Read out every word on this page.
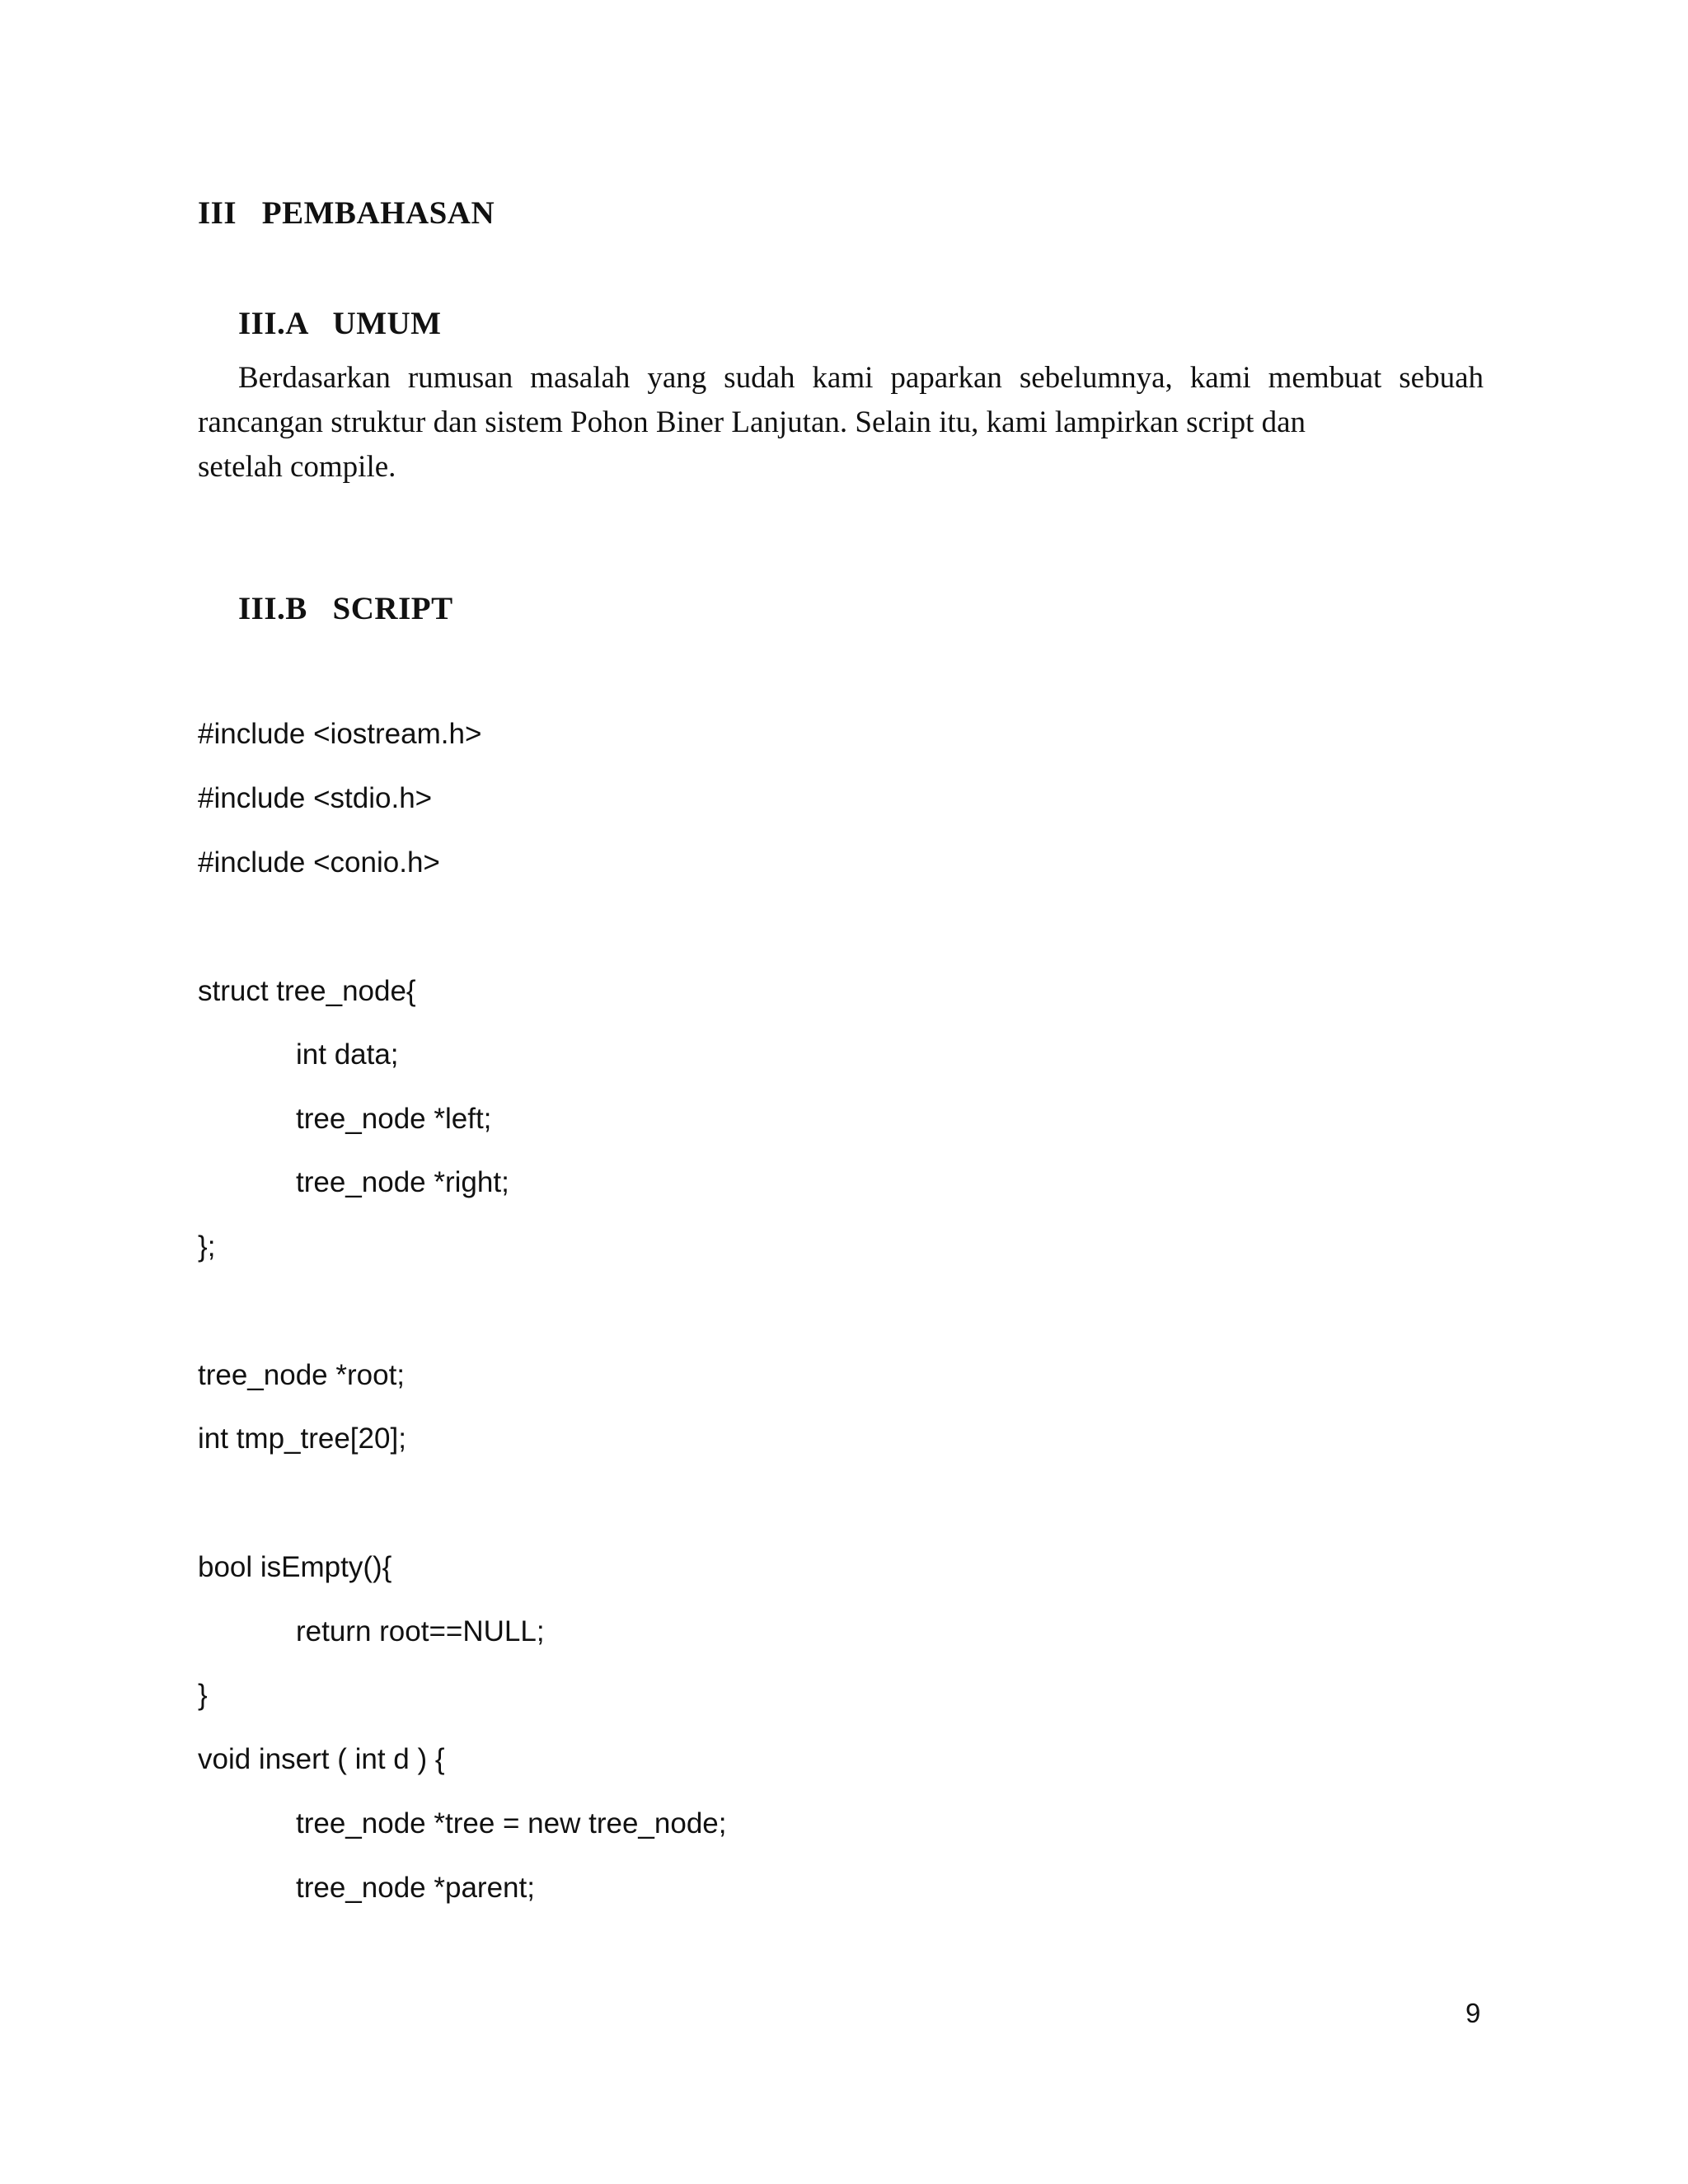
III   PEMBAHASAN
III.A   UMUM
Berdasarkan rumusan masalah yang sudah kami paparkan sebelumnya, kami membuat sebuah
rancangan struktur dan sistem Pohon Biner Lanjutan. Selain itu, kami lampirkan script dan
setelah compile.
III.B   SCRIPT
#include <iostream.h>
#include <stdio.h>
#include <conio.h>
struct tree_node{
int data;
tree_node *left;
tree_node *right;
};
tree_node *root;
int tmp_tree[20];
bool isEmpty(){
return root==NULL;
}
void insert ( int d ) {
tree_node *tree = new tree_node;
tree_node *parent;
9
